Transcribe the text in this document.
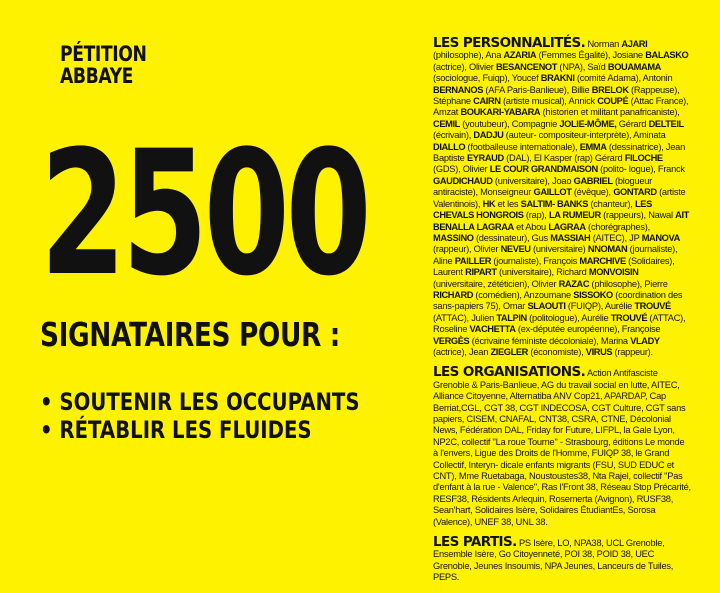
PÉTITION
ABBAYE
2500
SIGNATAIRES POUR :
• SOUTENIR LES OCCUPANTS
• RÉTABLIR LES FLUIDES

LES PERSONNALITÉS. Norman AJARI (philosophe), Ana AZARIA (Femmes Égalité), Josiane BALASKO (actrice), Olivier BESANCENOT (NPA), Saïd BOUAMAMA (sociologue, Fuiqp), Youcef BRAKNI (comité Adama), Antonin BERNANOS (AFA Paris-Banlieue), Billie BRELOK (Rappeuse), Stéphane CAIRN (artiste musical), Annick COUPÉ (Attac France), Amzat BOUKARI-YABARA (historien et militant panafricaniste), CEMIL (youtubeur), Compagnie JOLIE-MÔME, Gérard DELTEIL (écrivain), DADJU (auteur- compositeur-interprète), Aminata DIALLO (footballeuse internationale), EMMA (dessinatrice), Jean Baptiste EYRAUD (DAL), El Kasper (rap) Gérard FILOCHE (GDS), Olivier LE COUR GRANDMAISON (polito- logue), Franck GAUDICHAUD (universitaire), Joao GABRIEL (blogueur antiraciste), Monseigneur GAILLOT (évêque), GONTARD (artiste Valentinois), HK et les SALTIM- BANKS (chanteur), LES CHEVALS HONGROIS (rap), LA RUMEUR (rappeurs), Nawal AIT BENALLA LAGRAA et Abou LAGRAA (chorégraphes), MASSINO (dessinateur), Gus MASSIAH (AITEC), JP MANOVA (rappeur), Olivier NEVEU (universitaire) NNOMAN (journaliste), Aline PAILLER (journaliste), François MARCHIVE (Solidaires), Laurent RIPART (universitaire), Richard MONVOISIN (universitaire, zététicien), Olivier RAZAC (philosophe), Pierre RICHARD (comédien), Anzoumane SISSOKO (coordination des sans-papiers 75), Omar SLAOUTI (FUIQP), Aurélie TROUVÉ (ATTAC), Julien TALPIN (politologue), Aurélie TROUVÉ (ATTAC), Roseline VACHETTA (ex-députée européenne), Françoise VERGÈS (écrivaine féministe décoloniale), Marina VLADY (actrice), Jean ZIEGLER (économiste), VIRUS (rappeur).

LES ORGANISATIONS. Action Antifasciste Grenoble & Paris-Banlieue, AG du travail social en lutte, AITEC, Alliance Citoyenne, Alternatiba ANV Cop21, APARDAP, Cap Berriat,CGL, CGT 38, CGT INDECOSA, CGT Culture, CGT sans papiers, CISEM, CNAFAL, CNT38, CSRA, CTNE, Décolonial News, Fédération DAL, Friday for Future, LIFPL, la Gale Lyon, NP2C, collectif "La roue Tourne" - Strasbourg, éditions Le monde à l'envers, Ligue des Droits de l'Homme, FUIQP 38, le Grand Collectif, Interyn- dicale enfants migrants (FSU, SUD EDUC et CNT), Mme Ruetabaga, Noustoustes38, Nta Rajel, collectif "Pas d'enfant à la rue - Valence", Ras l'Front 38, Réseau Stop Précarité, RESF38, Résidents Arlequin, Rosemerta (Avignon), RUSF38, Sean'hart, Solidaires Isère, Solidaires ÉtudiantEs, Sorosa (Valence), UNEF 38, UNL 38.

LES PARTIS. PS Isère, LO, NPA38, UCL Grenoble, Ensemble Isère, Go Citoyenneté, POI 38, POID 38, UEC Grenoble, Jeunes Insoumis, NPA Jeunes, Lanceurs de Tuiles, PEPS.
